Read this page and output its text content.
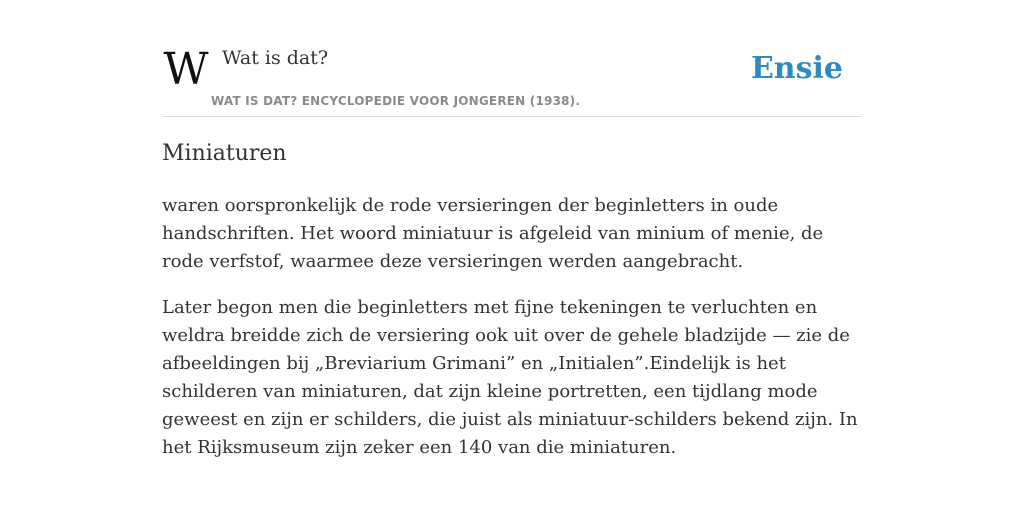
W Wat is dat?
WAT IS DAT? ENCYCLOPEDIE VOOR JONGEREN (1938).
Ensie
Miniaturen

waren oorspronkelijk de rode versieringen der beginletters in oude handschriften. Het woord miniatuur is afgeleid van minium of menie, de rode verfstof, waarmee deze versieringen werden aangebracht.

Later begon men die beginletters met fijne tekeningen te verluchten en weldra breidde zich de versiering ook uit over de gehele bladzijde — zie de afbeeldingen bij „Breviarium Grimani” en „Initialen”.Eindelijk is het schilderen van miniaturen, dat zijn kleine portretten, een tijdlang mode geweest en zijn er schilders, die juist als miniatuur-schilders bekend zijn. In het Rijksmuseum zijn zeker een 140 van die miniaturen.
